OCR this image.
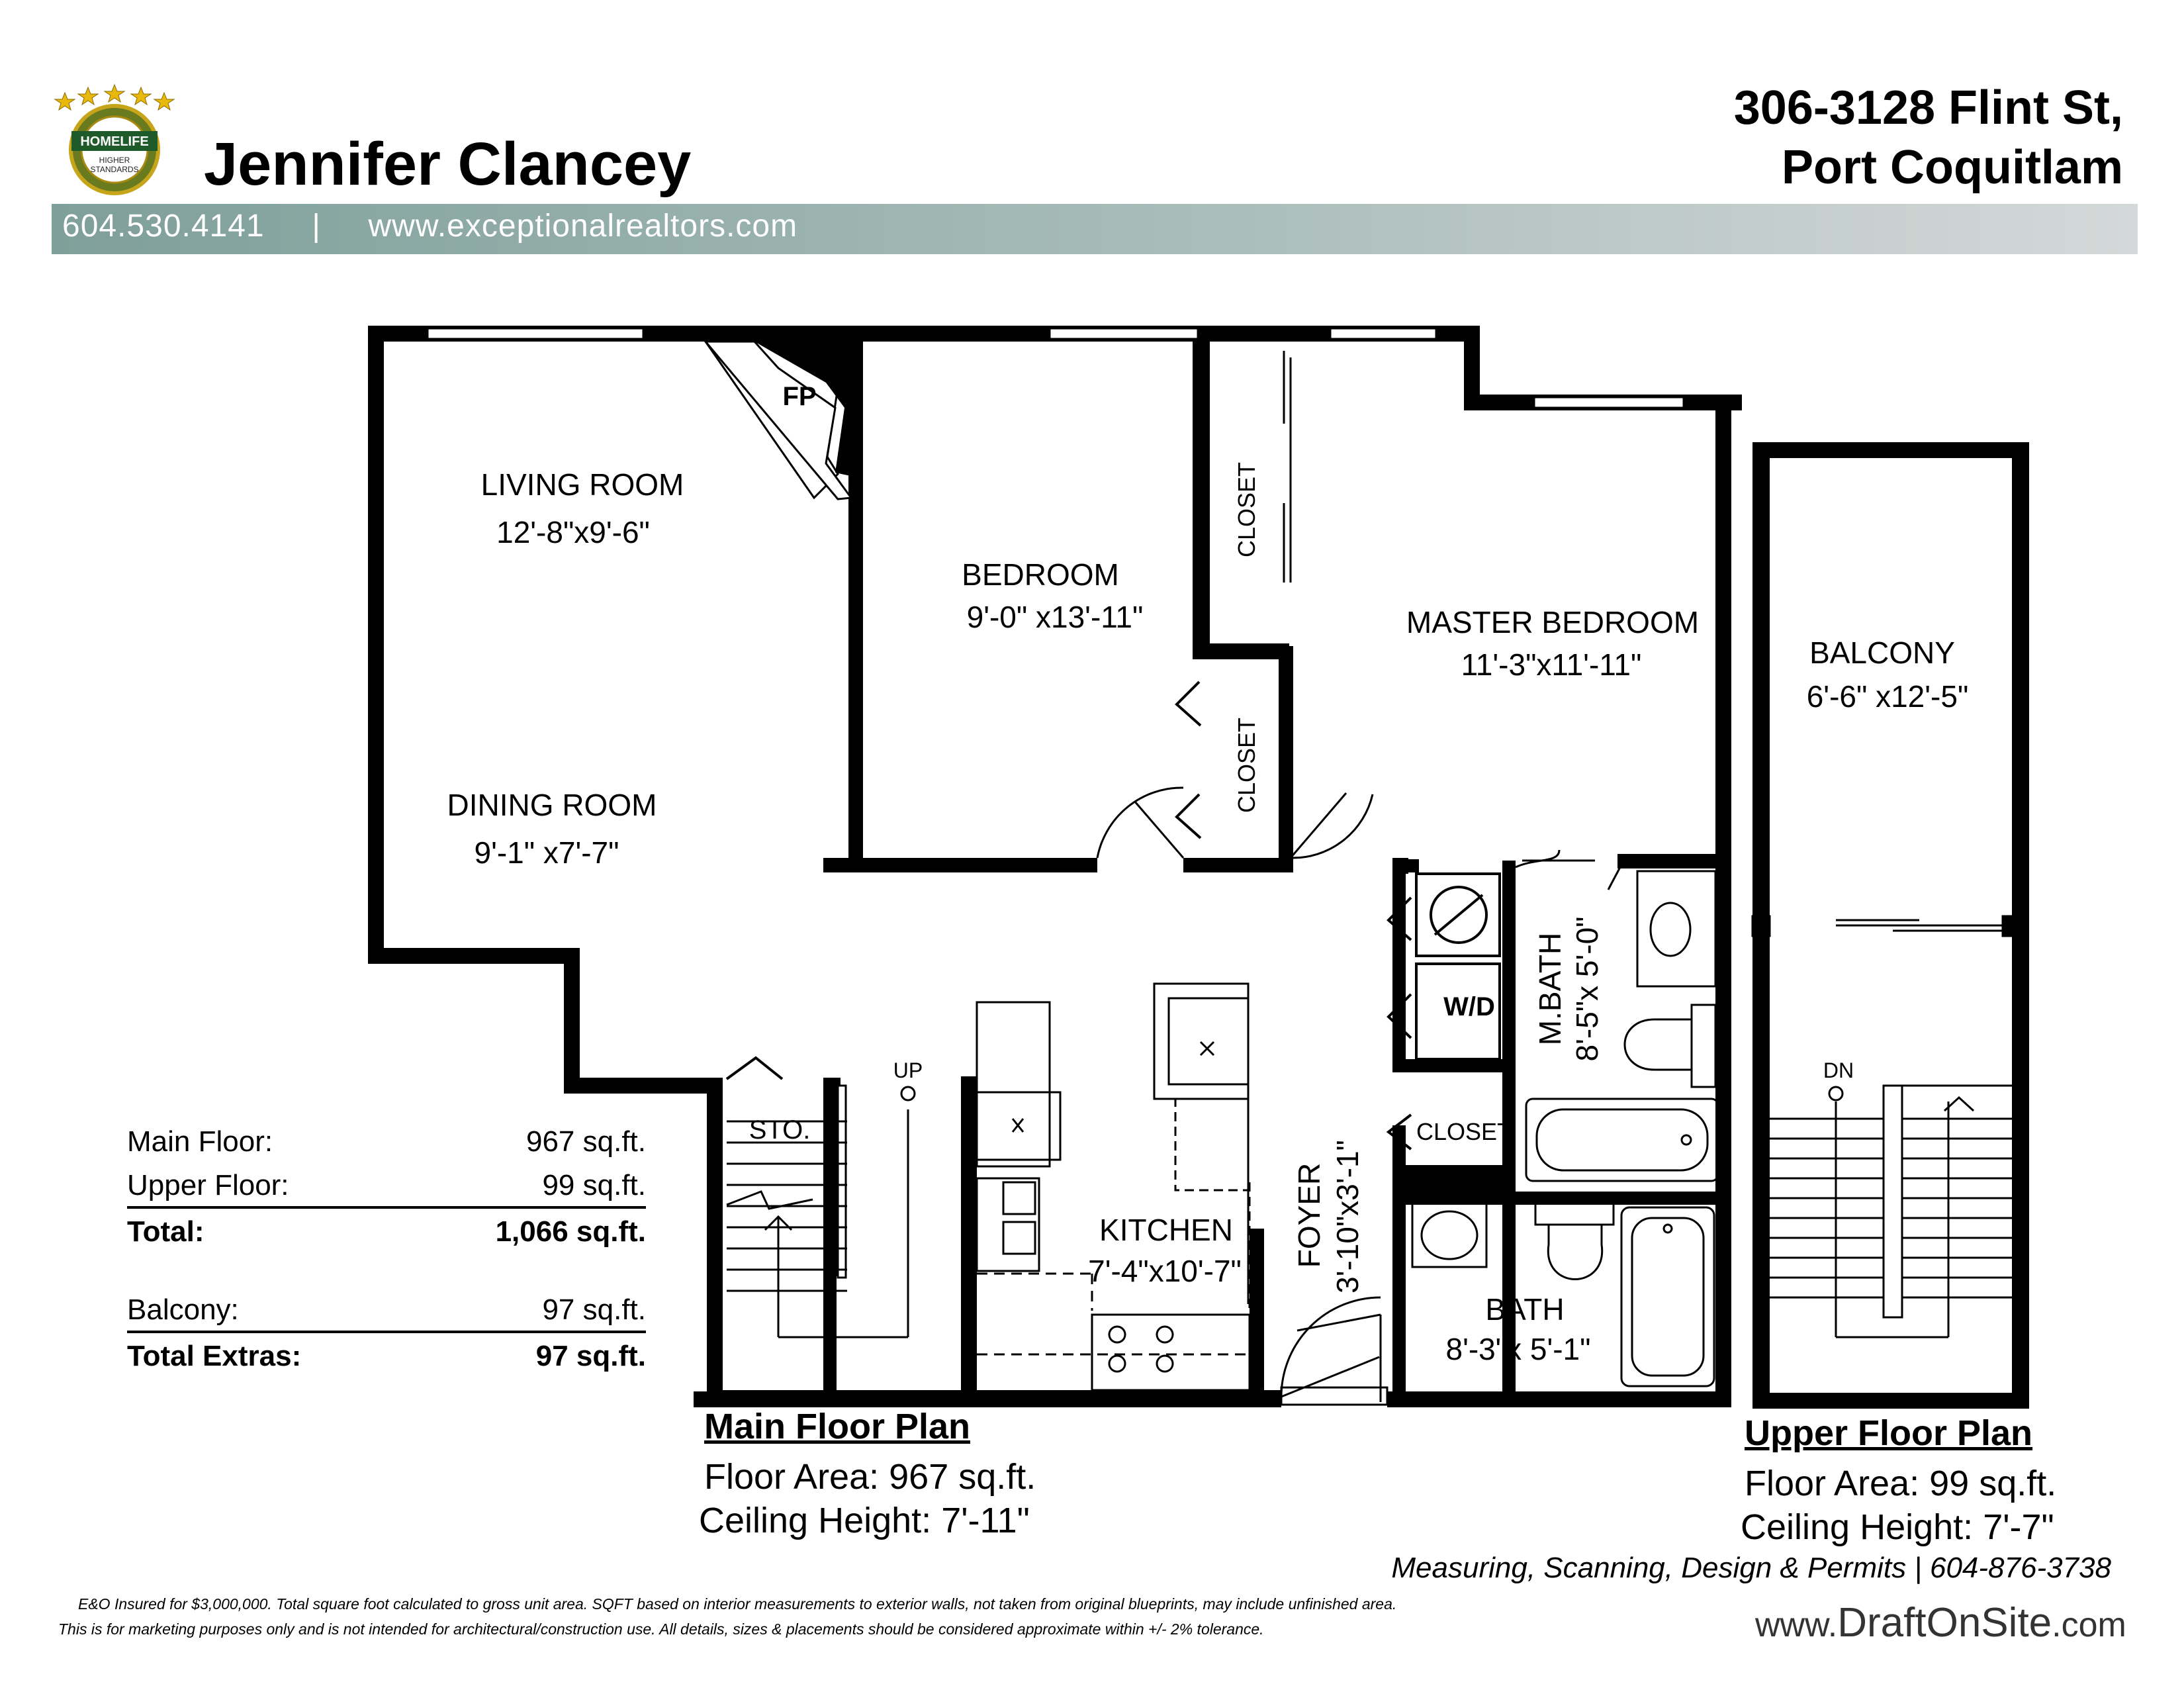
HOMELIFE
HIGHER
STANDARDS Jennifer Clancey
306-3128 Flint St,
Port Coquitlam
604.530.4141 | www.exceptionalrealtors.com
LIVING ROOM
12'-8"x9'-6"
DINING ROOM
9'-1" x7'-7"
BEDROOM
9'-0" x13'-11"	MASTER BEDROOM
11'-3"x11'-11"
KITCHEN
7'-4"x10'-7"
BATH
8'-3"x 5'-1"
BALCONY
6'-6" x12'-5"
FOYER 3'-10"x3'-1"
M.BATH 8'-5"x 5'-0"
CLOSET
CLOSET
CLOSET
FP
STO.
W/D
UP	DN
Main Floor:	967 sq.ft.
Upper Floor:	99 sq.ft.
Total:	1,066 sq.ft.
Balcony:	97 sq.ft.
Total Extras:	97 sq.ft.
Main Floor Plan
Floor Area: 967 sq.ft.
Ceiling Height: 7'-11"
Upper Floor Plan
Floor Area: 99 sq.ft.
Ceiling Height: 7'-7"
Measuring, Scanning, Design & Permits | 604-876-3738
E&O Insured for $3,000,000. Total square foot calculated to gross unit area. SQFT based on interior measurements to exterior walls, not taken from original blueprints, may include unfinished area.
This is for marketing purposes only and is not intended for architectural/construction use. All details, sizes & placements should be considered approximate within +/- 2% tolerance.	www.DraftOnSite.com
